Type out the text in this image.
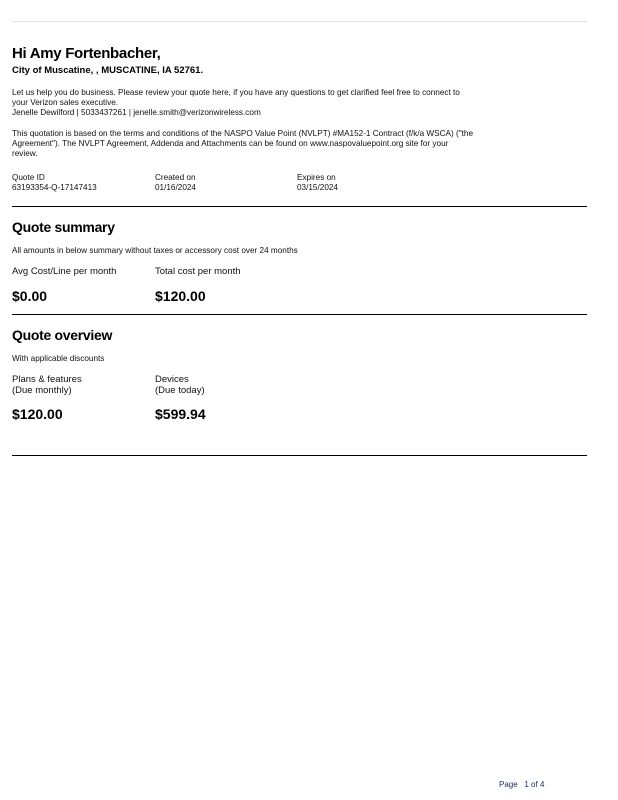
Hi Amy Fortenbacher,
City of Muscatine, , MUSCATINE, IA 52761.
Let us help you do business. Please review your quote here, if you have any questions to get clarified feel free to connect to your Verizon sales executive.
Jenelle Dewilford | 5033437261 | jenelle.smith@verizonwireless.com
This quotation is based on the terms and conditions of the NASPO Value Point (NVLPT) #MA152-1 Contract (f/k/a WSCA) ("the Agreement"). The NVLPT Agreement, Addenda and Attachments can be found on www.naspovaluepoint.org site for your review.
Quote ID
63193354-Q-17147413
Created on
01/16/2024
Expires on
03/15/2024
Quote summary
All amounts in below summary without taxes or accessory cost over 24 months
Avg Cost/Line per month
$0.00
Total cost per month
$120.00
Quote overview
With applicable discounts
Plans & features
(Due monthly)
$120.00
Devices
(Due today)
$599.94
Page 1 of 4
